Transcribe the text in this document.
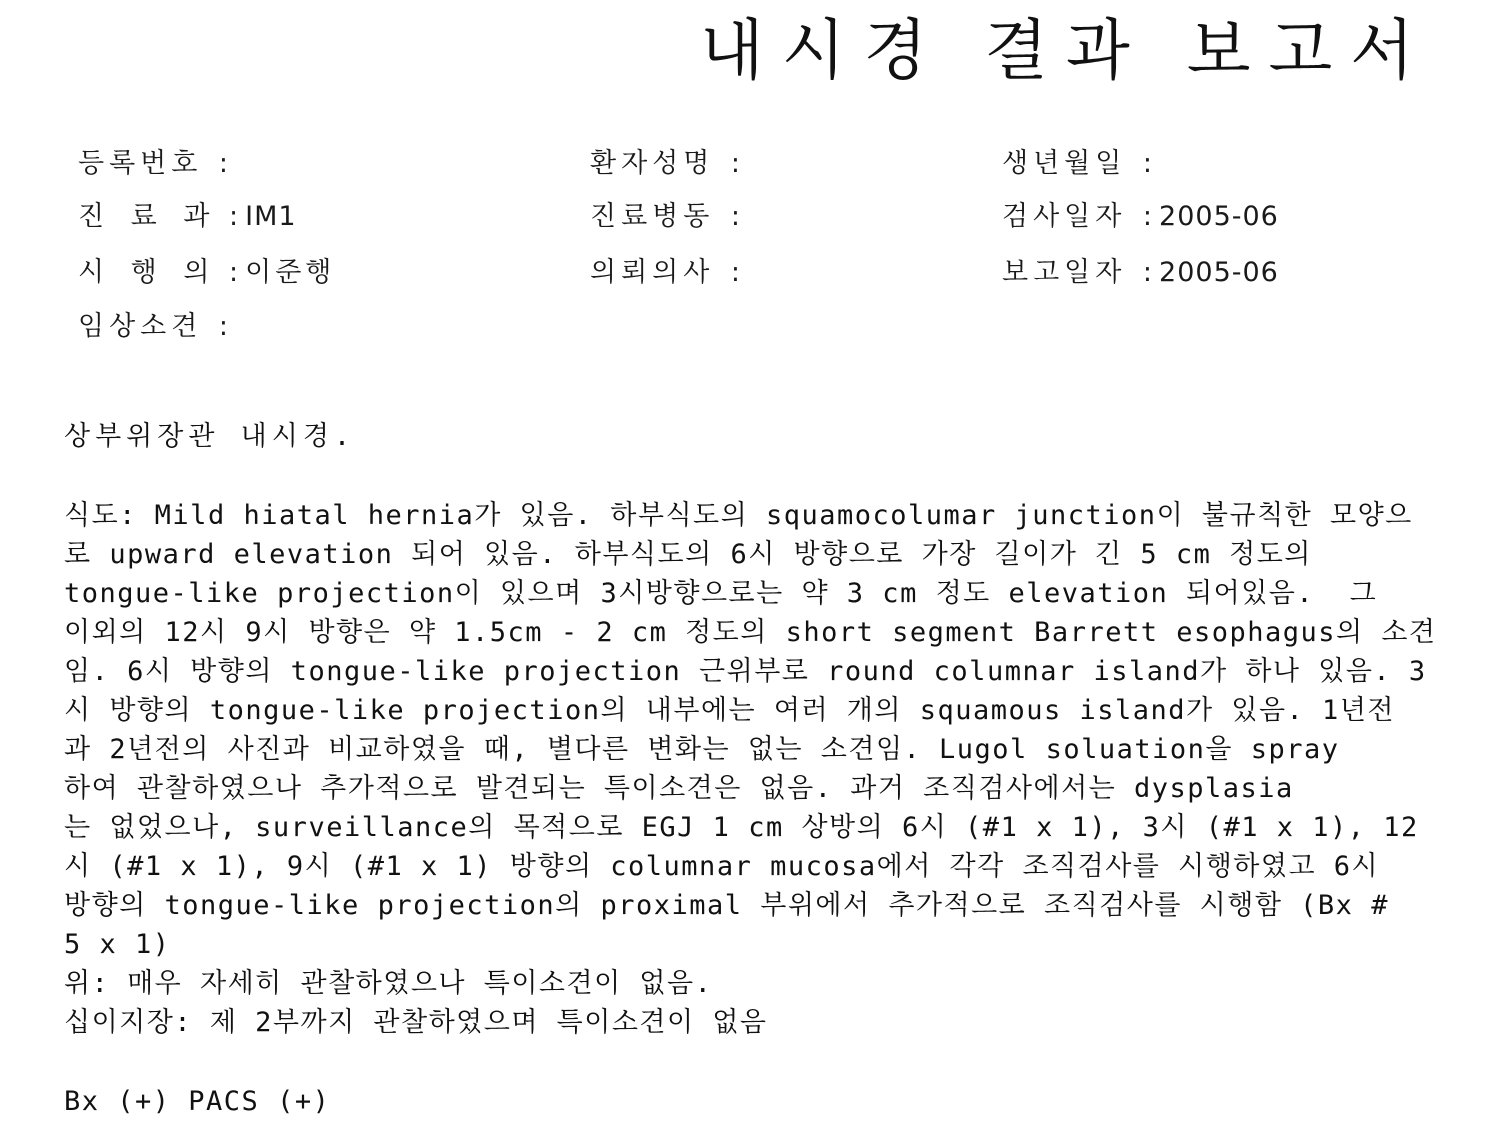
내시경 결과 보고서
등록번호 :	환자성명 :	생년월일 :
진 료 과 :IM1	진료병동 :	검사일자 :2005-06
시 행 의 :이준행	의뢰의사 :	보고일자 :2005-06
임상소견 :

상부위장관 내시경.

식도: Mild hiatal hernia가 있음. 하부식도의 squamocolumar junction이 불규칙한 모양으
로 upward elevation 되어 있음. 하부식도의 6시 방향으로 가장 길이가 긴 5 cm 정도의
tongue-like projection이 있으며 3시방향으로는 약 3 cm 정도 elevation 되어있음.  그
이외의 12시 9시 방향은 약 1.5cm - 2 cm 정도의 short segment Barrett esophagus의 소견
임. 6시 방향의 tongue-like projection 근위부로 round columnar island가 하나 있음. 3
시 방향의 tongue-like projection의 내부에는 여러 개의 squamous island가 있음. 1년전
과 2년전의 사진과 비교하였을 때, 별다른 변화는 없는 소견임. Lugol soluation을 spray
하여 관찰하였으나 추가적으로 발견되는 특이소견은 없음. 과거 조직검사에서는 dysplasia
는 없었으나, surveillance의 목적으로 EGJ 1 cm 상방의 6시 (#1 x 1), 3시 (#1 x 1), 12
시 (#1 x 1), 9시 (#1 x 1) 방향의 columnar mucosa에서 각각 조직검사를 시행하였고 6시
방향의 tongue-like projection의 proximal 부위에서 추가적으로 조직검사를 시행함 (Bx #
5 x 1)
위: 매우 자세히 관찰하였으나 특이소견이 없음.
십이지장: 제 2부까지 관찰하였으며 특이소견이 없음
Bx (+) PACS (+)
